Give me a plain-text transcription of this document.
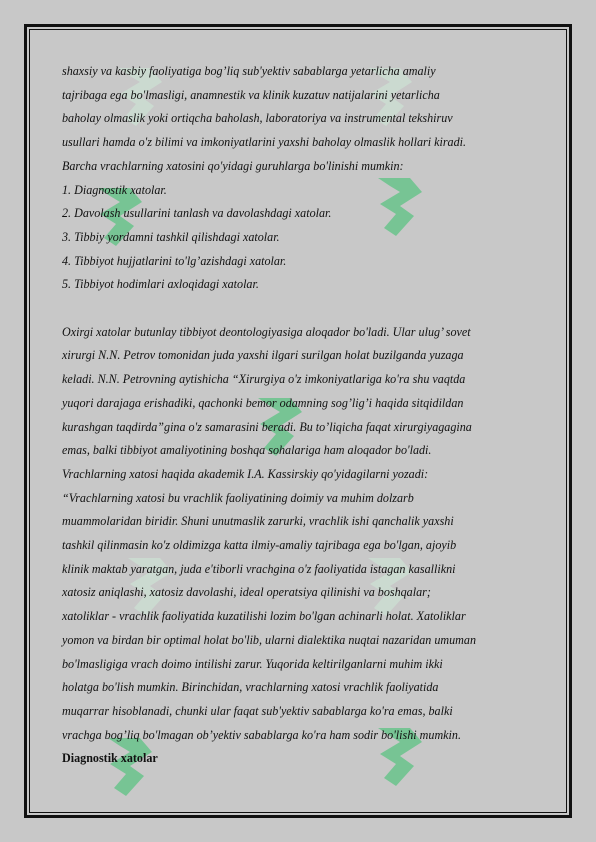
shaxsiy va kasbiy faoliyatiga bog’liq sub'yektiv sabablarga yetarlicha amaliy
tajribaga ega bo'lmasligi, anamnestik va klinik kuzatuv natijalarini yetarlicha
baholay olmaslik yoki ortiqcha baholash, laboratoriya va instrumental tekshiruv
usullari hamda o'z bilimi va imkoniyatlarini yaxshi baholay olmaslik hollari kiradi.
Barcha vrachlarning xatosini qo'yidagi guruhlarga bo'linishi mumkin:
1. Diagnostik xatolar.
2. Davolash usullarini tanlash va davolashdagi xatolar.
3. Tibbiy yordamni tashkil qilishdagi xatolar.
4. Tibbiyot hujjatlarini to'lg’azishdagi xatolar.
5. Tibbiyot hodimlari axloqidagi xatolar.
Oxirgi xatolar butunlay tibbiyot deontologiyasiga aloqador bo'ladi. Ular ulug’ sovet
xirurgi N.N. Petrov tomonidan juda yaxshi ilgari surilgan holat buzilganda yuzaga
keladi. N.N. Petrovning aytishicha “Xirurgiya o'z imkoniyatlariga ko'ra shu vaqtda
yuqori darajaga erishadiki, qachonki bemor odamning sog’lig’i haqida sitqidildan
kurashgan taqdirda”gina o'z samarasini beradi. Bu to’liqicha faqat xirurgiyagagina
emas, balki tibbiyot amaliyotining boshqa sohalariga ham aloqador bo'ladi.
Vrachlarning xatosi haqida akademik I.A. Kassirskiy qo'yidagilarni yozadi:
“Vrachlarning xatosi bu vrachlik faoliyatining doimiy va muhim dolzarb
muammolaridan biridir. Shuni unutmaslik zarurki, vrachlik ishi qanchalik yaxshi
tashkil qilinmasin ko'z oldimizga katta ilmiy-amaliy tajribaga ega bo'lgan, ajoyib
klinik maktab yaratgan, juda e'tiborli vrachgina o'z faoliyatida istagan kasallikni
xatosiz aniqlashi, xatosiz davolashi, ideal operatsiya qilinishi va boshqalar;
xatoliklar - vrachlik faoliyatida kuzatilishi lozim bo'lgan achinarli holat. Xatoliklar
yomon va birdan bir optimal holat bo'lib, ularni dialektika nuqtai nazaridan umuman
bo'lmasligiga vrach doimo intilishi zarur. Yuqorida keltirilganlarni muhim ikki
holatga bo'lish mumkin. Birinchidan, vrachlarning xatosi vrachlik faoliyatida
muqarrar hisoblanadi, chunki ular faqat sub'yektiv sabablarga ko'ra emas, balki
vrachga bog’liq bo'lmagan ob’yektiv sabablarga ko'ra ham sodir bo'lishi mumkin.
Diagnostik xatolar
